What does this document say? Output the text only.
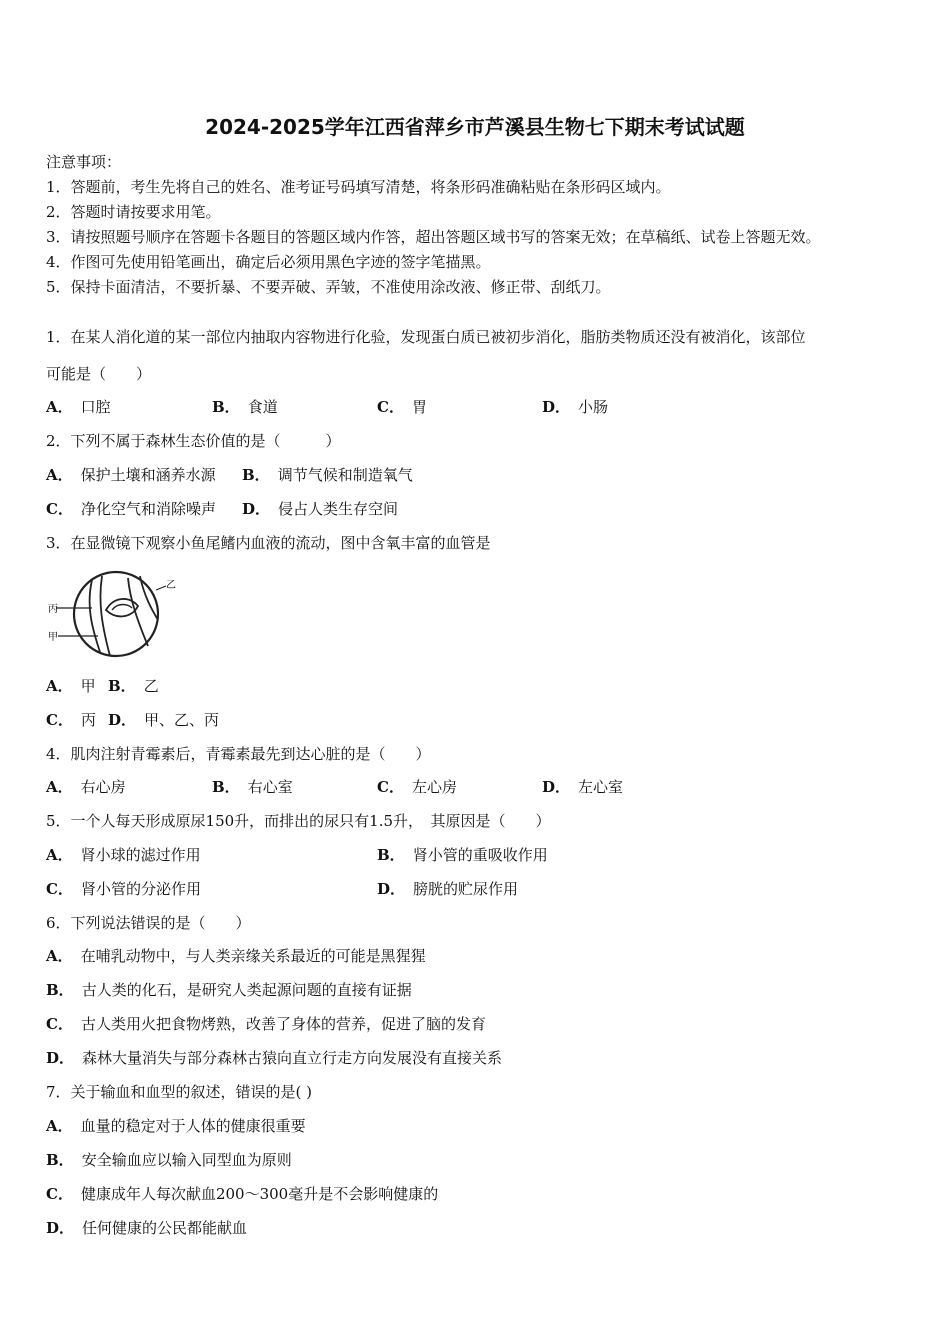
2024-2025学年江西省萍乡市芦溪县生物七下期末考试试题
注意事项：
1．答题前，考生先将自己的姓名、准考证号码填写清楚，将条形码准确粘贴在条形码区域内。
2．答题时请按要求用笔。
3．请按照题号顺序在答题卡各题目的答题区域内作答，超出答题区域书写的答案无效；在草稿纸、试卷上答题无效。
4．作图可先使用铅笔画出，确定后必须用黑色字迹的签字笔描黑。
5．保持卡面清洁，不要折暴、不要弄破、弄皱，不准使用涂改液、修正带、刮纸刀。
1．在某人消化道的某一部位内抽取内容物进行化验，发现蛋白质已被初步消化，脂肪类物质还没有被消化，该部位
可能是（　　）
A． 口腔	B． 食道	C． 胃	D． 小肠
2．下列不属于森林生态价值的是（　　　）
A． 保护土壤和涵养水源 B． 调节气候和制造氧气
C． 净化空气和消除噪声 D． 侵占人类生存空间
3．在显微镜下观察小鱼尾鳍内血液的流动，图中含氧丰富的血管是
丙
乙
甲
A． 甲 B． 乙
C． 丙 D． 甲、乙、丙
4．肌肉注射青霉素后，青霉素最先到达心脏的是（　　）
A． 右心房	B． 右心室	C． 左心房	D． 左心室
5．一个人每天形成原尿150升，而排出的尿只有1.5升，　其原因是（　　）
A． 肾小球的滤过作用	B． 肾小管的重吸收作用
C． 肾小管的分泌作用	D． 膀胱的贮尿作用
6．下列说法错误的是（　　）
A． 在哺乳动物中，与人类亲缘关系最近的可能是黑猩猩
B． 古人类的化石，是研究人类起源问题的直接有证据
C． 古人类用火把食物烤熟，改善了身体的营养，促进了脑的发育
D． 森林大量消失与部分森林古猿向直立行走方向发展没有直接关系
7．关于输血和血型的叙述，错误的是( )
A． 血量的稳定对于人体的健康很重要
B． 安全输血应以输入同型血为原则
C． 健康成年人每次献血200～300毫升是不会影响健康的
D． 任何健康的公民都能献血
